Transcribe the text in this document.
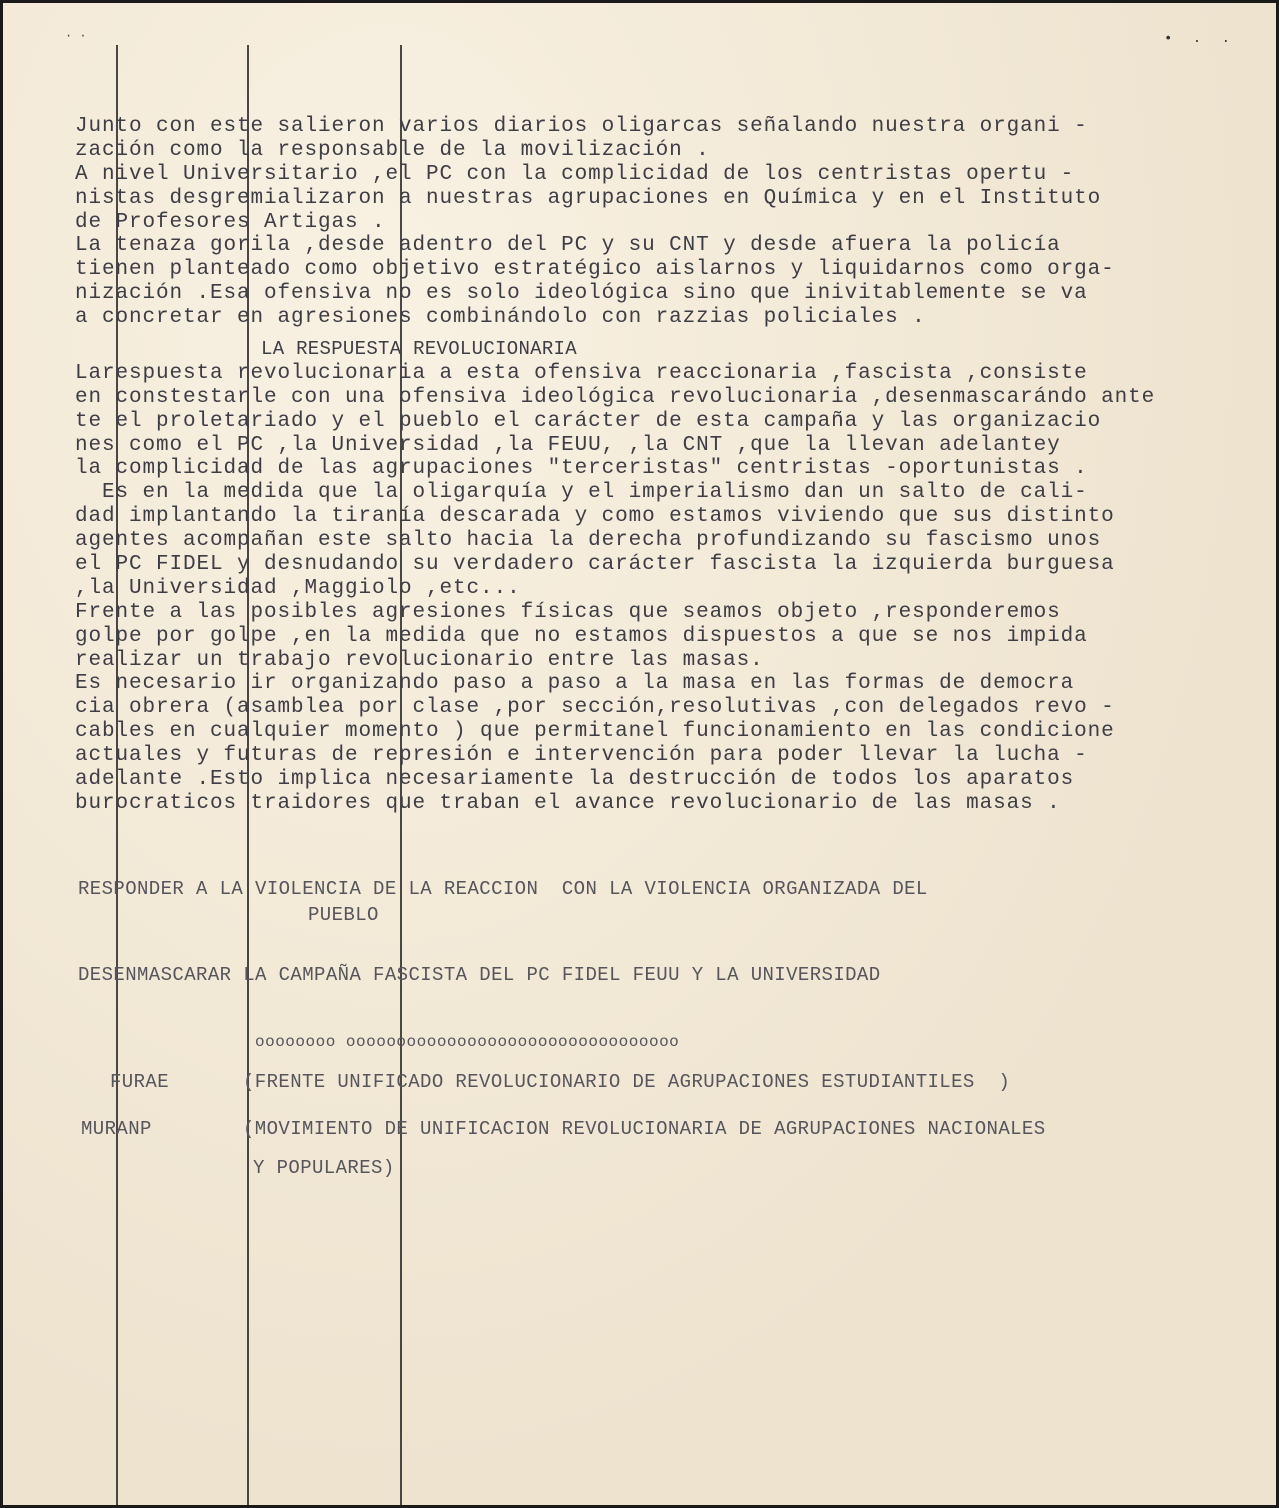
· ·	• . .
Junto con este salieron varios diarios oligarcas señalando nuestra organi -
zación como la responsable de la movilización .
A nivel Universitario ,el PC con la complicidad de los centristas opertu -
nistas desgremializaron a nuestras agrupaciones en Química y en el Instituto
de Profesores Artigas .
La tenaza gorila ,desde adentro del PC y su CNT y desde afuera la policía
tienen planteado como objetivo estratégico aislarnos y liquidarnos como orga-
nización .Esa ofensiva no es solo ideológica sino que inivitablemente se va
a concretar en agresiones combinándolo con razzias policiales .
LA RESPUESTA REVOLUCIONARIA
Larespuesta revolucionaria a esta ofensiva reaccionaria ,fascista ,consiste
en constestarle con una ofensiva ideológica revolucionaria ,desenmascarándo ante
te el proletariado y el pueblo el carácter de esta campaña y las organizacio
nes como el PC ,la Universidad ,la FEUU, ,la CNT ,que la llevan adelantey
la complicidad de las agrupaciones "terceristas" centristas -oportunistas .
Es en la medida que la oligarquía y el imperialismo dan un salto de cali-
dad implantando la tiranía descarada y como estamos viviendo que sus distinto
agentes acompañan este salto hacia la derecha profundizando su fascismo unos
el PC FIDEL y desnudando su verdadero carácter fascista la izquierda burguesa
,la Universidad ,Maggiolo ,etc...
Frente a las posibles agresiones físicas que seamos objeto ,responderemos
golpe por golpe ,en la medida que no estamos dispuestos a que se nos impida
realizar un trabajo revolucionario entre las masas.
Es necesario ir organizando paso a paso a la masa en las formas de democra
cia obrera (asamblea por clase ,por sección,resolutivas ,con delegados revo -
cables en cualquier momento ) que permitanel funcionamiento en las condicione
actuales y futuras de represión e intervención para poder llevar la lucha -
adelante .Esto implica necesariamente la destrucción de todos los aparatos
burocraticos traidores que traban el avance revolucionario de las masas .
RESPONDER A LA VIOLENCIA DE LA REACCION  CON LA VIOLENCIA ORGANIZADA DEL
PUEBLO
DESENMASCARAR LA CAMPAÑA FASCISTA DEL PC FIDEL FEUU Y LA UNIVERSIDAD
oooooooo ooooooooooooooooooooooooooooooooo
FURAE	(FRENTE UNIFICADO REVOLUCIONARIO DE AGRUPACIONES ESTUDIANTILES  )
MURANP	(MOVIMIENTO DE UNIFICACION REVOLUCIONARIA DE AGRUPACIONES NACIONALES
Y POPULARES)
